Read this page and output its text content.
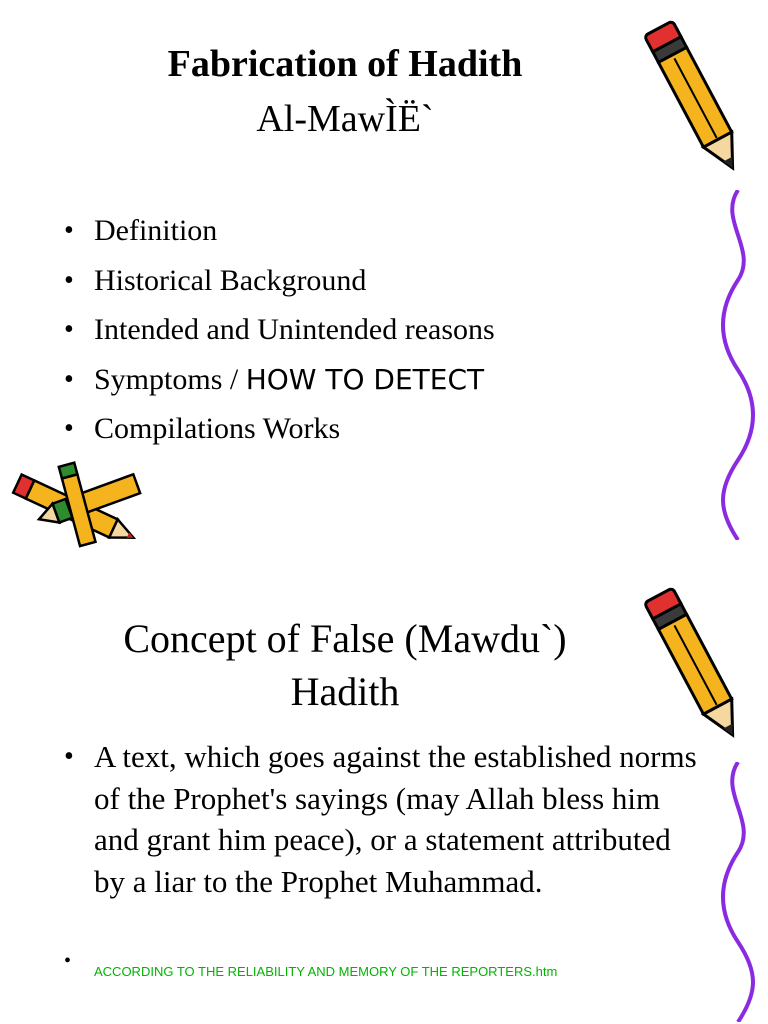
Fabrication of Hadith
Al-MawÌË`
• Definition
• Historical Background
• Intended and Unintended reasons
• Symptoms / HOW TO DETECT
• Compilations Works
Concept of False (Mawdu`)
Hadith
• A text, which goes against the established norms of the Prophet's sayings (may Allah bless him and grant him peace), or a statement attributed by a liar to the Prophet Muhammad.
• ACCORDING TO THE RELIABILITY AND MEMORY OF THE REPORTERS.htm
